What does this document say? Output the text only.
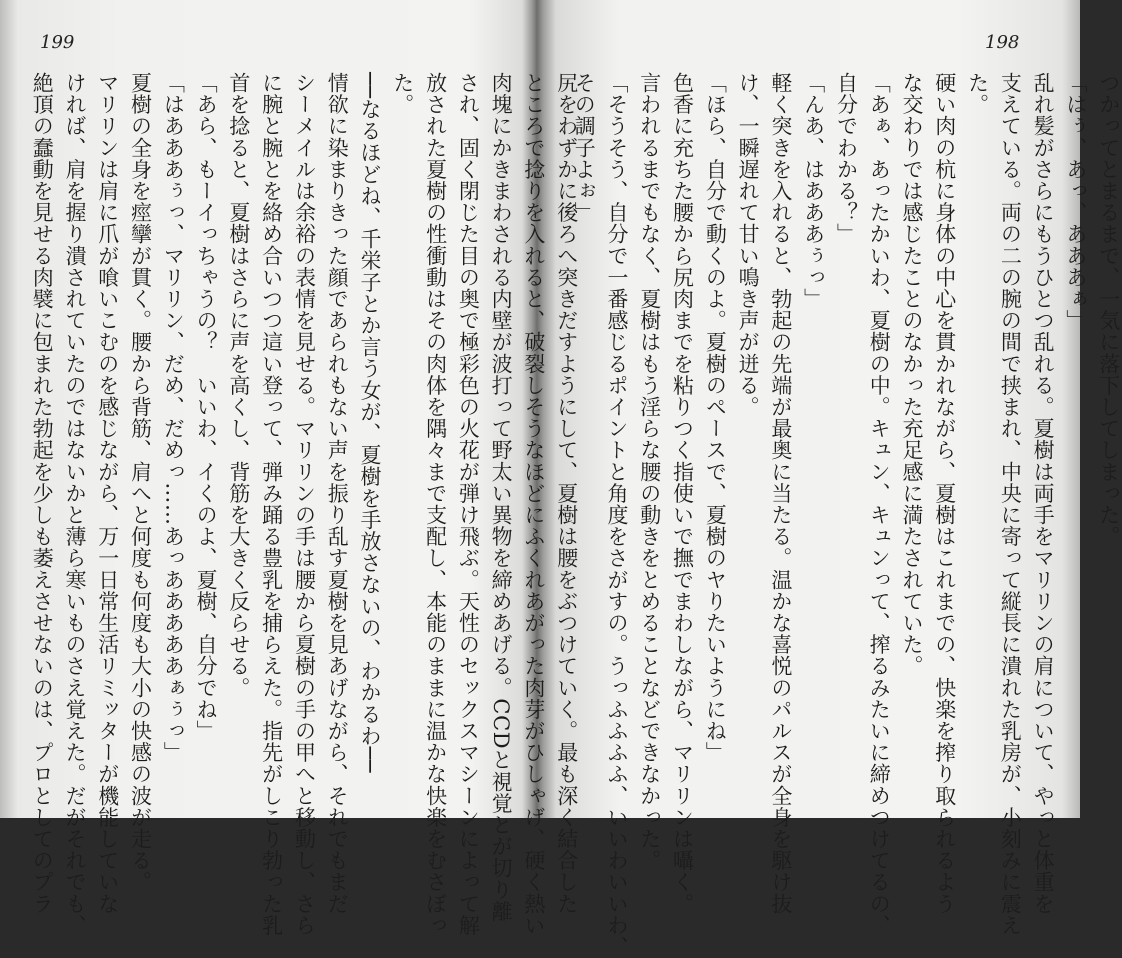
199
尻をわずかに後ろへ突きだすようにして、夏樹は腰をぶつけていく。最も深く結合した
ところで捻りを入れると、破裂しそうなほどにふくれあがった肉芽がひしゃげ、硬く熱い
肉塊にかきまわされる内壁が波打って野太い異物を締めあげる。CCDと視覚とが切り離
され、固く閉じた目の奥で極彩色の火花が弾け飛ぶ。天性のセックスマシーンによって解
放された夏樹の性衝動はその肉体を隅々まで支配し、本能のままに温かな快楽をむさぼっ
た。
──なるほどね、千栄子とか言う女が、夏樹を手放さないの、わかるわ──
情欲に染まりきった顔であられもない声を振り乱す夏樹を見あげながら、それでもまだ
シーメイルは余裕の表情を見せる。マリリンの手は腰から夏樹の手の甲へと移動し、さら
に腕と腕とを絡め合いつつ這い登って、弾み踊る豊乳を捕らえた。指先がしこり勃った乳
首を捻ると、夏樹はさらに声を高くし、背筋を大きく反らせる。
「あら、もーイっちゃうの？　いいわ、イくのよ、夏樹、自分でね」
「はあああぅっ、マリリン、だめ、だめっ……あっあああああぁぅっ」
夏樹の全身を痙攣が貫く。腰から背筋、肩へと何度も何度も大小の快感の波が走る。
マリリンは肩に爪が喰いこむのを感じながら、万一日常生活リミッターが機能していな
ければ、肩を握り潰されていたのではないかと薄ら寒いものさえ覚えた。だがそれでも、
絶頂の蠢動を見せる肉襞に包まれた勃起を少しも萎えさせないのは、プロとしてのプラ
198
つかってとまるまで、一気に落下してしまった。
「はぅ、あっ、あああぁ」
乱れ髪がさらにもうひとつ乱れる。夏樹は両手をマリリンの肩について、やっと体重を
支えている。両の二の腕の間で挟まれ、中央に寄って縦長に潰れた乳房が、小刻みに震え
た。
硬い肉の杭に身体の中心を貫かれながら、夏樹はこれまでの、快楽を搾り取られるよう
な交わりでは感じたことのなかった充足感に満たされていた。
「あぁ、あったかいわ、夏樹の中。キュン、キュンって、搾るみたいに締めつけてるの、
自分でわかる？」
「んあ、はあああぅっ」
軽く突きを入れると、勃起の先端が最奥に当たる。温かな喜悦のパルスが全身を駆け抜
け、一瞬遅れて甘い鳴き声が迸る。
「ほら、自分で動くのよ。夏樹のペースで、夏樹のヤりたいようにね」
色香に充ちた腰から尻肉までを粘りつく指使いで撫でまわしながら、マリリンは囁く。
言われるまでもなく、夏樹はもう淫らな腰の動きをとめることなどできなかった。
「そうそう、自分で一番感じるポイントと角度をさがすの。うっふふふふ、いいわいいわ、
その調子よぉ」
